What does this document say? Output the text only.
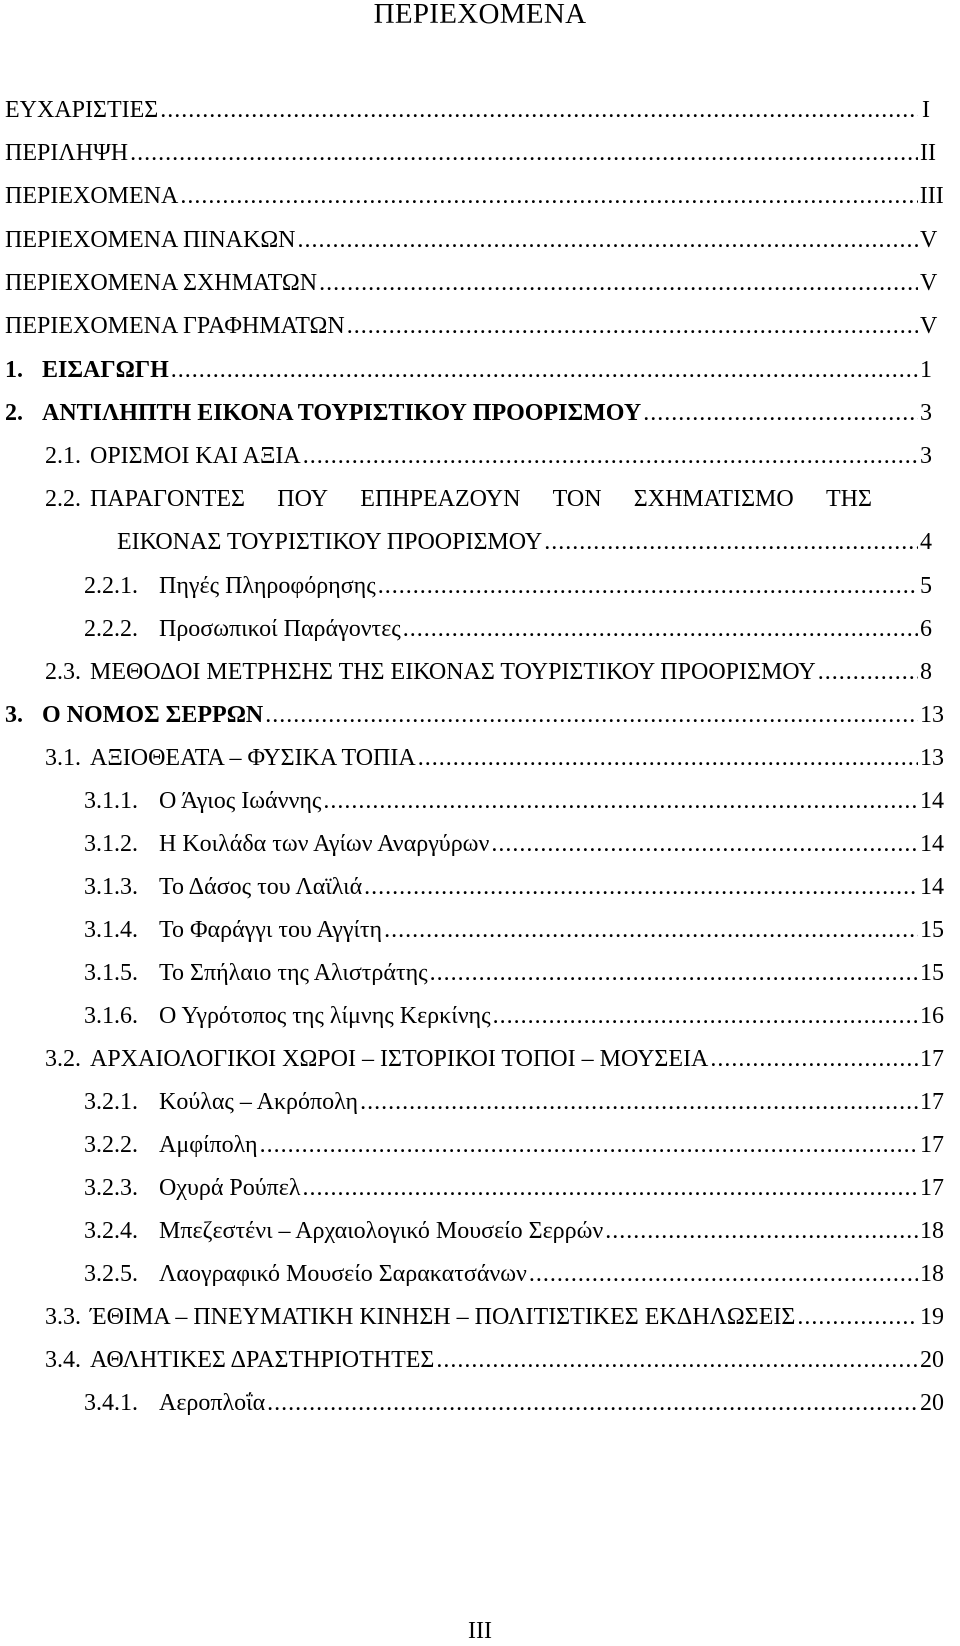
ΠΕΡΙΕΧΟΜΕΝΑ
ΕΥΧΑΡΙΣΤΙΕΣ .....	I
ΠΕΡΙΛΗΨΗ .....	II
ΠΕΡΙΕΧΟΜΕΝΑ .....	III
ΠΕΡΙΕΧΟΜΕΝΑ ΠΙΝΑΚΩΝ .....	V
ΠΕΡΙΕΧΟΜΕΝΑ ΣΧΗΜΑΤΩΝ .....	V
ΠΕΡΙΕΧΟΜΕΝΑ ΓΡΑΦΗΜΑΤΩΝ .....	V
1. ΕΙΣΑΓΩΓΗ .....	1
2. ΑΝΤΙΛΗΠΤΗ ΕΙΚΟΝΑ ΤΟΥΡΙΣΤΙΚΟΥ ΠΡΟΟΡΙΣΜΟΥ .....	3
2.1. ΟΡΙΣΜΟΙ ΚΑΙ ΑΞΙΑ .....	3
2.2. ΠΑΡΑΓΟΝΤΕΣ ΠΟΥ ΕΠΗΡΕΑΖΟΥΝ ΤΟΝ ΣΧΗΜΑΤΙΣΜΟ ΤΗΣ
ΕΙΚΟΝΑΣ ΤΟΥΡΙΣΤΙΚΟΥ ΠΡΟΟΡΙΣΜΟΥ .....	4
2.2.1. Πηγές Πληροφόρησης .....	5
2.2.2. Προσωπικοί Παράγοντες .....	6
2.3. ΜΕΘΟΔΟΙ ΜΕΤΡΗΣΗΣ ΤΗΣ ΕΙΚΟΝΑΣ ΤΟΥΡΙΣΤΙΚΟΥ ΠΡΟΟΡΙΣΜΟΥ .....	8
3. Ο ΝΟΜΟΣ ΣΕΡΡΩΝ .....	13
3.1. ΑΞΙΟΘΕΑΤΑ – ΦΥΣΙΚΑ ΤΟΠΙΑ .....	13
3.1.1. Ο Άγιος Ιωάννης .....	14
3.1.2. Η Κοιλάδα των Αγίων Αναργύρων .....	14
3.1.3. Το Δάσος του Λαϊλιά .....	14
3.1.4. Το Φαράγγι του Αγγίτη .....	15
3.1.5. Το Σπήλαιο της Αλιστράτης .....	15
3.1.6. Ο Υγρότοπος της λίμνης Κερκίνης .....	16
3.2. ΑΡΧΑΙΟΛΟΓΙΚΟΙ ΧΩΡΟΙ – ΙΣΤΟΡΙΚΟΙ ΤΟΠΟΙ – ΜΟΥΣΕΙΑ .....	17
3.2.1. Κούλας – Ακρόπολη .....	17
3.2.2. Αμφίπολη .....	17
3.2.3. Οχυρά Ρούπελ .....	17
3.2.4. Μπεζεστένι – Αρχαιολογικό Μουσείο Σερρών .....	18
3.2.5. Λαογραφικό Μουσείο Σαρακατσάνων .....	18
3.3. ΈΘΙΜΑ – ΠΝΕΥΜΑΤΙΚΗ ΚΙΝΗΣΗ – ΠΟΛΙΤΙΣΤΙΚΕΣ ΕΚΔΗΛΩΣΕΙΣ .....	19
3.4. ΑΘΛΗΤΙΚΕΣ ΔΡΑΣΤΗΡΙΟΤΗΤΕΣ .....	20
3.4.1. Αεροπλοΐα .....	20
III
